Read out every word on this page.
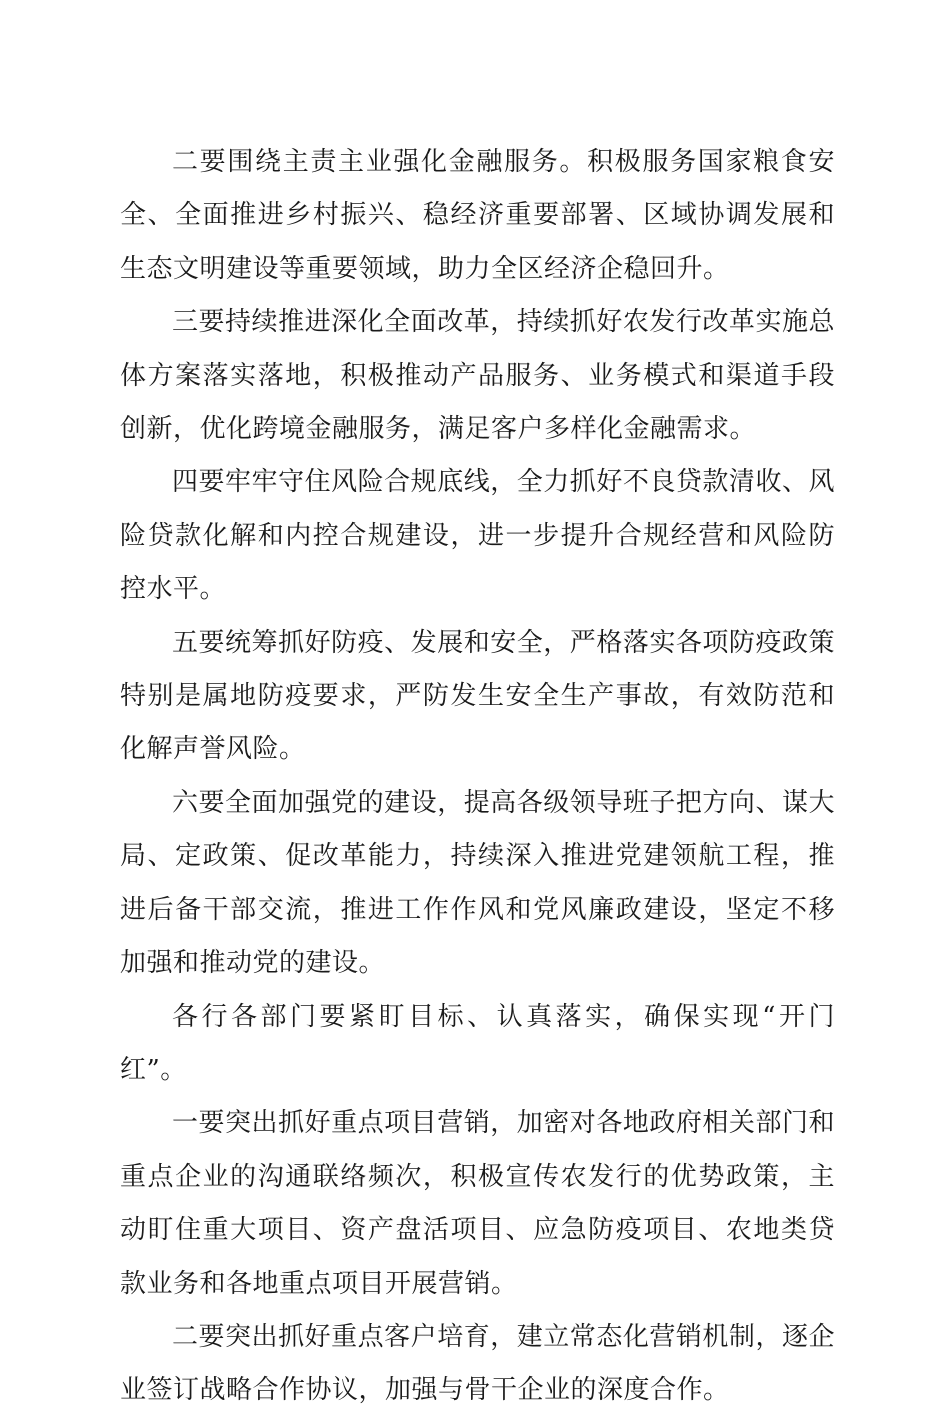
二要围绕主责主业强化金融服务。积极服务国家粮食安全、全面推进乡村振兴、稳经济重要部署、区域协调发展和生态文明建设等重要领域，助力全区经济企稳回升。

三要持续推进深化全面改革，持续抓好农发行改革实施总体方案落实落地，积极推动产品服务、业务模式和渠道手段创新，优化跨境金融服务，满足客户多样化金融需求。

四要牢牢守住风险合规底线，全力抓好不良贷款清收、风险贷款化解和内控合规建设，进一步提升合规经营和风险防控水平。

五要统筹抓好防疫、发展和安全，严格落实各项防疫政策特别是属地防疫要求，严防发生安全生产事故，有效防范和化解声誉风险。

六要全面加强党的建设，提高各级领导班子把方向、谋大局、定政策、促改革能力，持续深入推进党建领航工程，推进后备干部交流，推进工作作风和党风廉政建设，坚定不移加强和推动党的建设。

各行各部门要紧盯目标、认真落实，确保实现“开门红”。

一要突出抓好重点项目营销，加密对各地政府相关部门和重点企业的沟通联络频次，积极宣传农发行的优势政策，主动盯住重大项目、资产盘活项目、应急防疫项目、农地类贷款业务和各地重点项目开展营销。

二要突出抓好重点客户培育，建立常态化营销机制，逐企业签订战略合作协议，加强与骨干企业的深度合作。
